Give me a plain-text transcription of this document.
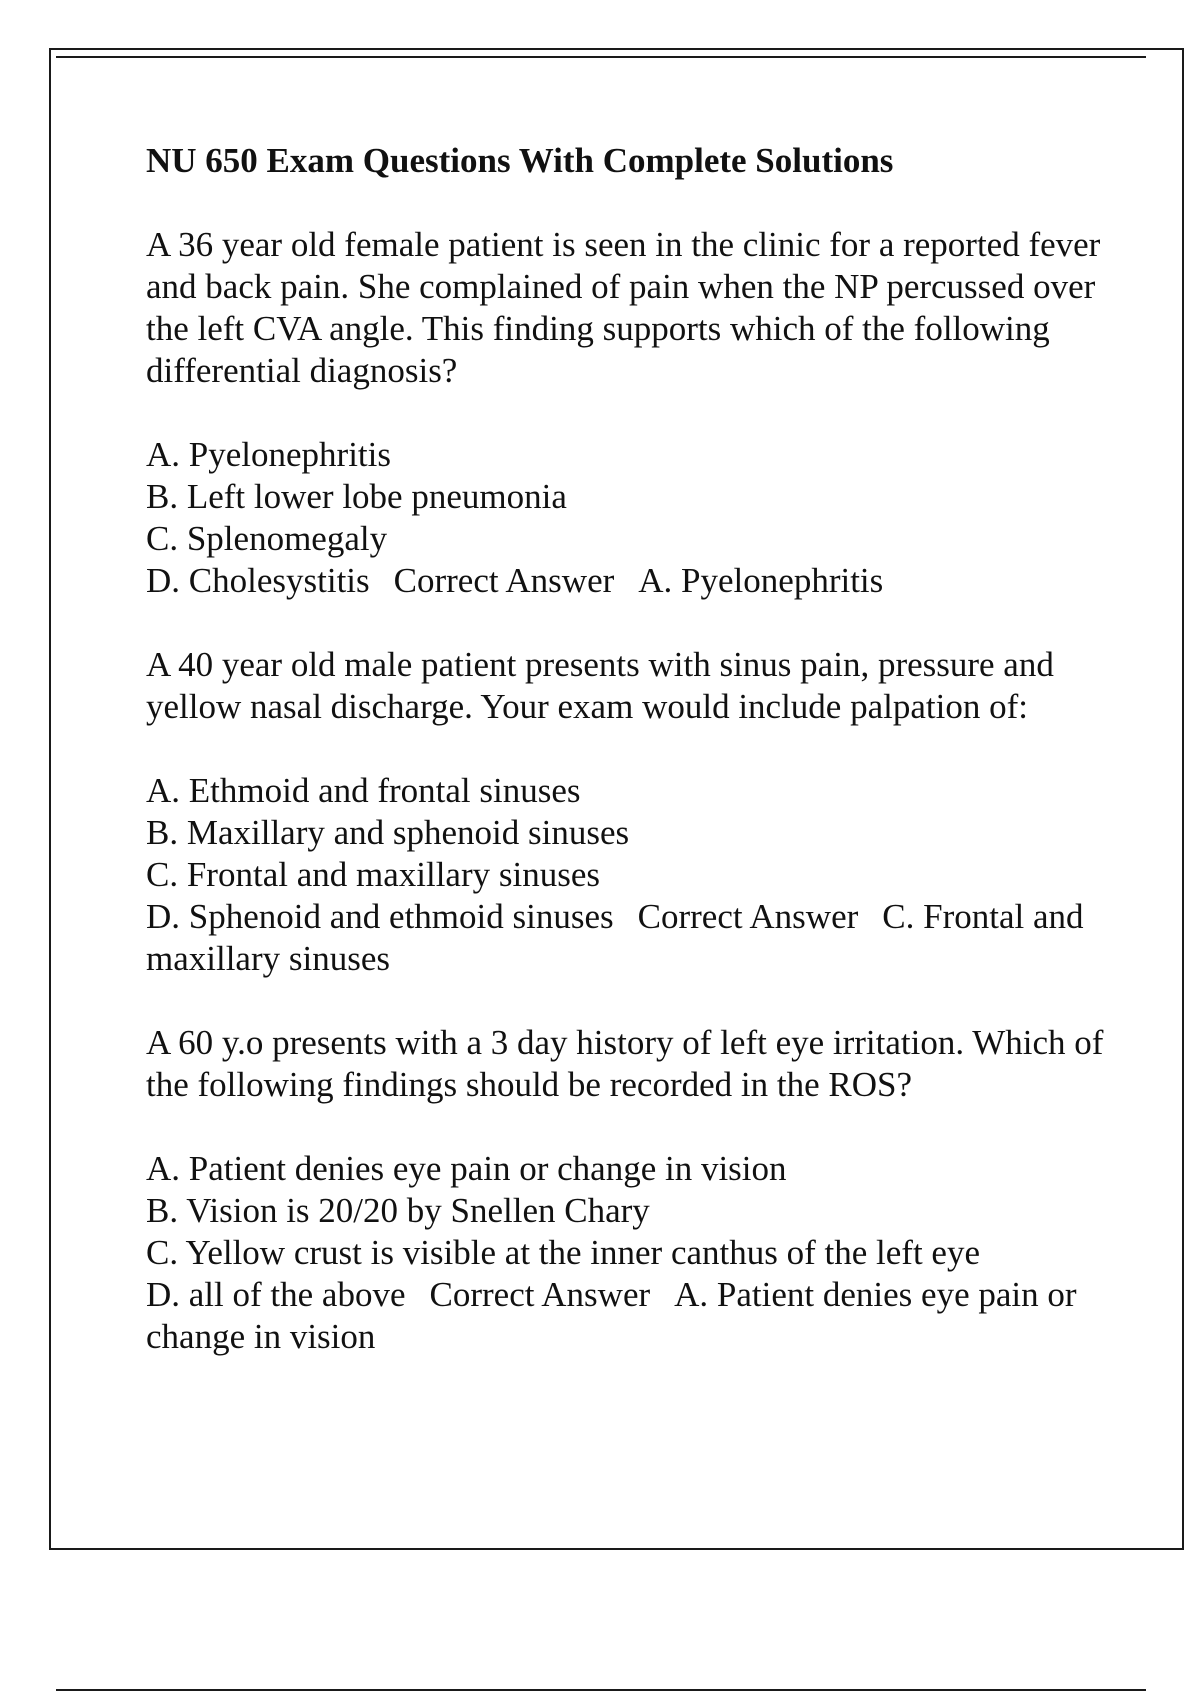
NU 650 Exam Questions With Complete Solutions
A 36 year old female patient is seen in the clinic for a reported fever and back pain. She complained of pain when the NP percussed over the left CVA angle. This finding supports which of the following differential diagnosis?
A. Pyelonephritis
B. Left lower lobe pneumonia
C. Splenomegaly
D. Cholesystitis Correct Answer A. Pyelonephritis
A 40 year old male patient presents with sinus pain, pressure and yellow nasal discharge. Your exam would include palpation of:
A. Ethmoid and frontal sinuses
B. Maxillary and sphenoid sinuses
C. Frontal and maxillary sinuses
D. Sphenoid and ethmoid sinuses Correct Answer C. Frontal and maxillary sinuses
A 60 y.o presents with a 3 day history of left eye irritation. Which of the following findings should be recorded in the ROS?
A. Patient denies eye pain or change in vision
B. Vision is 20/20 by Snellen Chary
C. Yellow crust is visible at the inner canthus of the left eye
D. all of the above Correct Answer A. Patient denies eye pain or change in vision
